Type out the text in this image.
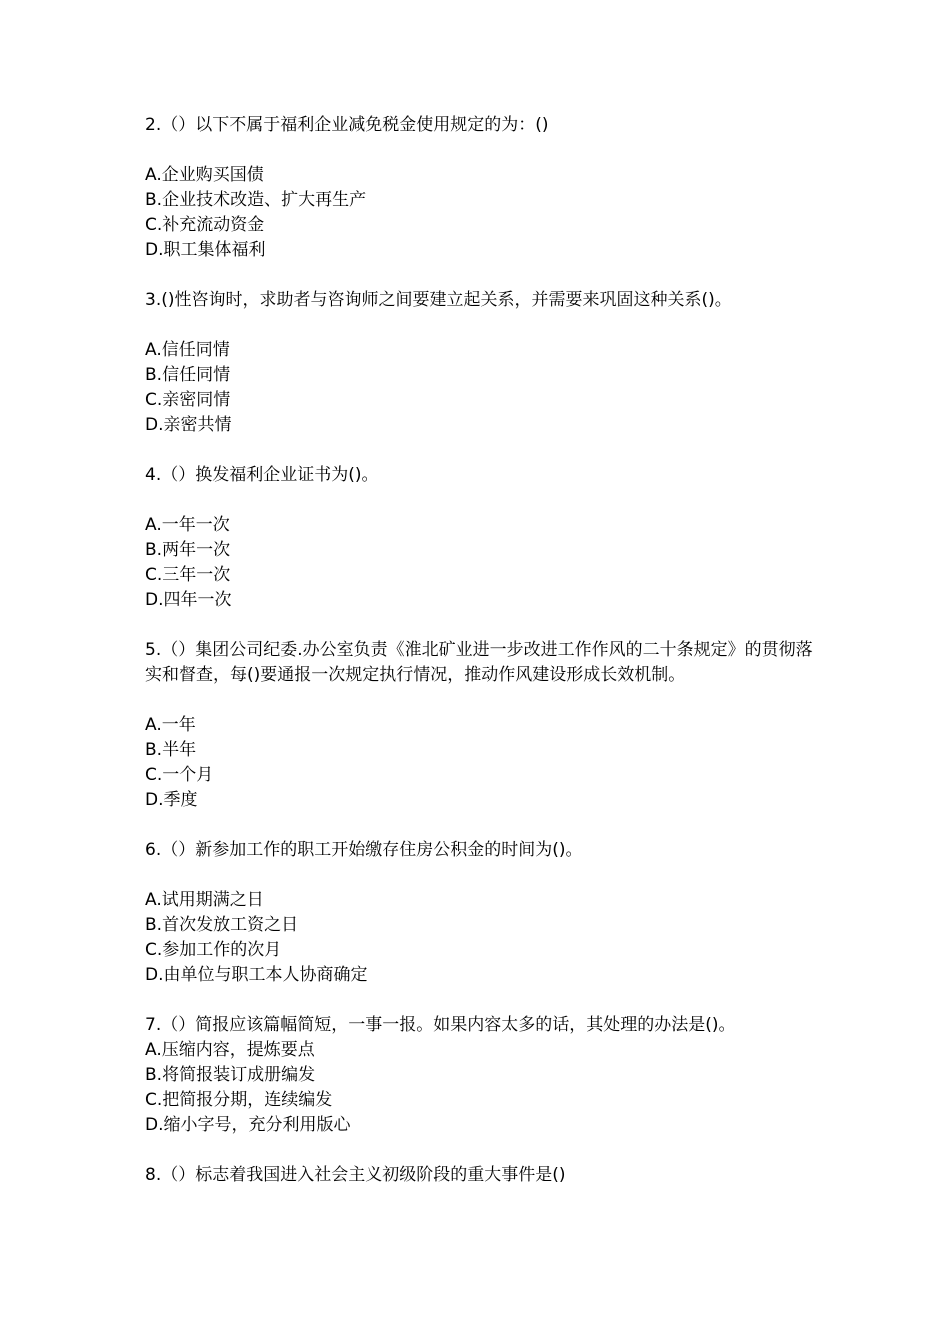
2.（）以下不属于福利企业减免税金使用规定的为：()

A.企业购买国债

B.企业技术改造、扩大再生产

C.补充流动资金

D.职工集体福利

3.()性咨询时，求助者与咨询师之间要建立起关系，并需要来巩固这种关系()。

A.信任同情

B.信任同情

C.亲密同情

D.亲密共情

4.（）换发福利企业证书为()。

A.一年一次

B.两年一次

C.三年一次

D.四年一次

5.（）集团公司纪委.办公室负责《淮北矿业进一步改进工作作风的二十条规定》的贯彻落实和督查，每()要通报一次规定执行情况，推动作风建设形成长效机制。

A.一年

B.半年

C.一个月

D.季度

6.（）新参加工作的职工开始缴存住房公积金的时间为()。

A.试用期满之日

B.首次发放工资之日

C.参加工作的次月

D.由单位与职工本人协商确定

7.（）简报应该篇幅简短，一事一报。如果内容太多的话，其处理的办法是()。

A.压缩内容，提炼要点

B.将简报装订成册编发

C.把简报分期，连续编发

D.缩小字号，充分利用版心

8.（）标志着我国进入社会主义初级阶段的重大事件是()
